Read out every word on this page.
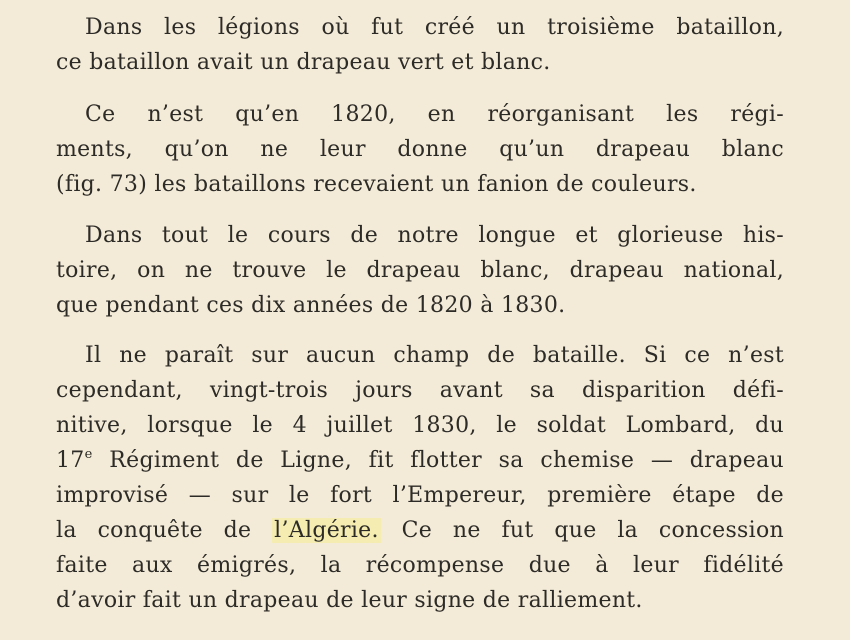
Dans les légions où fut créé un troisième bataillon,
ce bataillon avait un drapeau vert et blanc.
Ce n’est qu’en 1820, en réorganisant les régi-
ments, qu’on ne leur donne qu’un drapeau blanc
(fig. 73) les bataillons recevaient un fanion de couleurs.
Dans tout le cours de notre longue et glorieuse his-
toire, on ne trouve le drapeau blanc, drapeau national,
que pendant ces dix années de 1820 à 1830.
Il ne paraît sur aucun champ de bataille. Si ce n’est
cependant, vingt-trois jours avant sa disparition défi-
nitive, lorsque le 4 juillet 1830, le soldat Lombard, du
17e Régiment de Ligne, fit flotter sa chemise — drapeau
improvisé — sur le fort l’Empereur, première étape de
la conquête de l’Algérie. Ce ne fut que la concession
faite aux émigrés, la récompense due à leur fidélité
d’avoir fait un drapeau de leur signe de ralliement.
